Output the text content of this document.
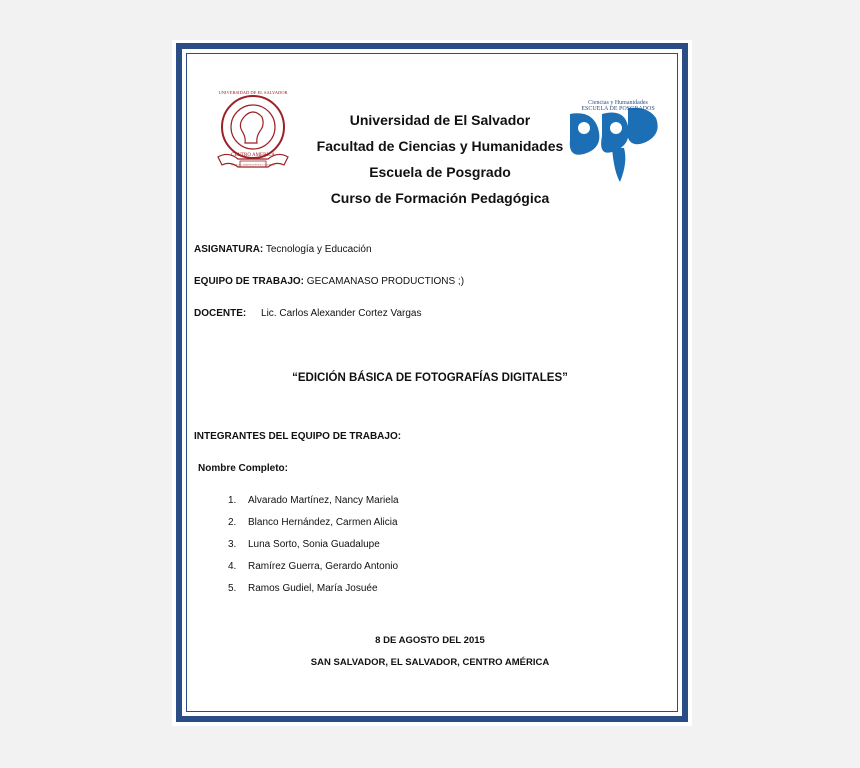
UNIVERSIDAD DE EL SALVADOR
CENTRO AMERICA
HACIA LA LIBERTAD POR LA CULTURA
Universidad de El Salvador
Facultad de Ciencias y Humanidades
Escuela de Posgrado
Curso de Formación Pedagógica
Ciencias y Humanidades
ESCUELA DE POSGRADOS
ASIGNATURA: Tecnología y Educación
EQUIPO DE TRABAJO: GECAMANASO PRODUCTIONS ;)
DOCENTE: Lic. Carlos Alexander Cortez Vargas
“EDICIÓN BÁSICA DE FOTOGRAFÍAS DIGITALES”
INTEGRANTES DEL EQUIPO DE TRABAJO:
Nombre Completo:
1. Alvarado Martínez, Nancy Mariela
2. Blanco Hernández, Carmen Alicia
3. Luna Sorto, Sonia Guadalupe
4. Ramírez Guerra, Gerardo Antonio
5. Ramos Gudiel, María Josuée
8 DE AGOSTO DEL 2015
SAN SALVADOR, EL SALVADOR, CENTRO AMÉRICA
